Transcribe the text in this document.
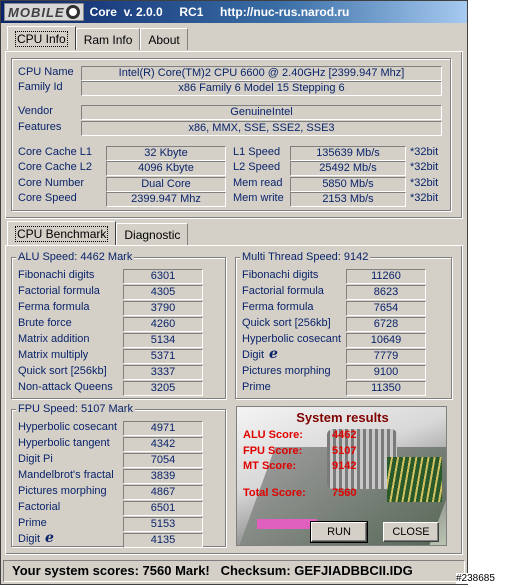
MOBILE Core  v. 2.0.0     RC1     http://nuc-rus.narod.ru
CPU Info	Ram Info	About
CPU Name	Intel(R) Core(TM)2 CPU 6600 @ 2.40GHz [2399.947 Mhz]
Family Id	x86 Family 6 Model 15 Stepping 6
Vendor	GenuineIntel
Features	x86, MMX, SSE, SSE2, SSE3
Core Cache L1	32 Kbyte
Core Cache L2	4096 Kbyte
Core Number	Dual Core
Core Speed	2399.947 Mhz
L1 Speed	135639 Mb/s	*32bit
L2 Speed	25492 Mb/s	*32bit
Mem read	5850 Mb/s	*32bit
Mem write	2153 Mb/s	*32bit
CPU Benchmark	Diagnostic
ALU Speed: 4462 Mark
Fibonachi digits	6301
Factorial formula	4305
Ferma formula	3790
Brute force	4260
Matrix addition	5134
Matrix multiply	5371
Quick sort [256kb]	3337
Non-attack Queens	3205
Multi Thread Speed: 9142
Fibonachi digits	11260
Factorial formula	8623
Ferma formula	7654
Quick sort [256kb]	6728
Hyperbolic cosecant	10649
Digit e	7779
Pictures morphing	9100
Prime	11350
FPU Speed: 5107 Mark
Hyperbolic cosecant	4971
Hyperbolic tangent	4342
Digit Pi	7054
Mandelbrot's fractal	3839
Pictures morphing	4867
Factorial	6501
Prime	5153
Digit e	4135
System results
ALU Score:	4462
FPU Score:	5107
MT Score:	9142
Total Score: 7560
RUN	CLOSE
Your system scores: 7560 Mark!   Checksum: GEFJIADBBCII.IDG
#238685
